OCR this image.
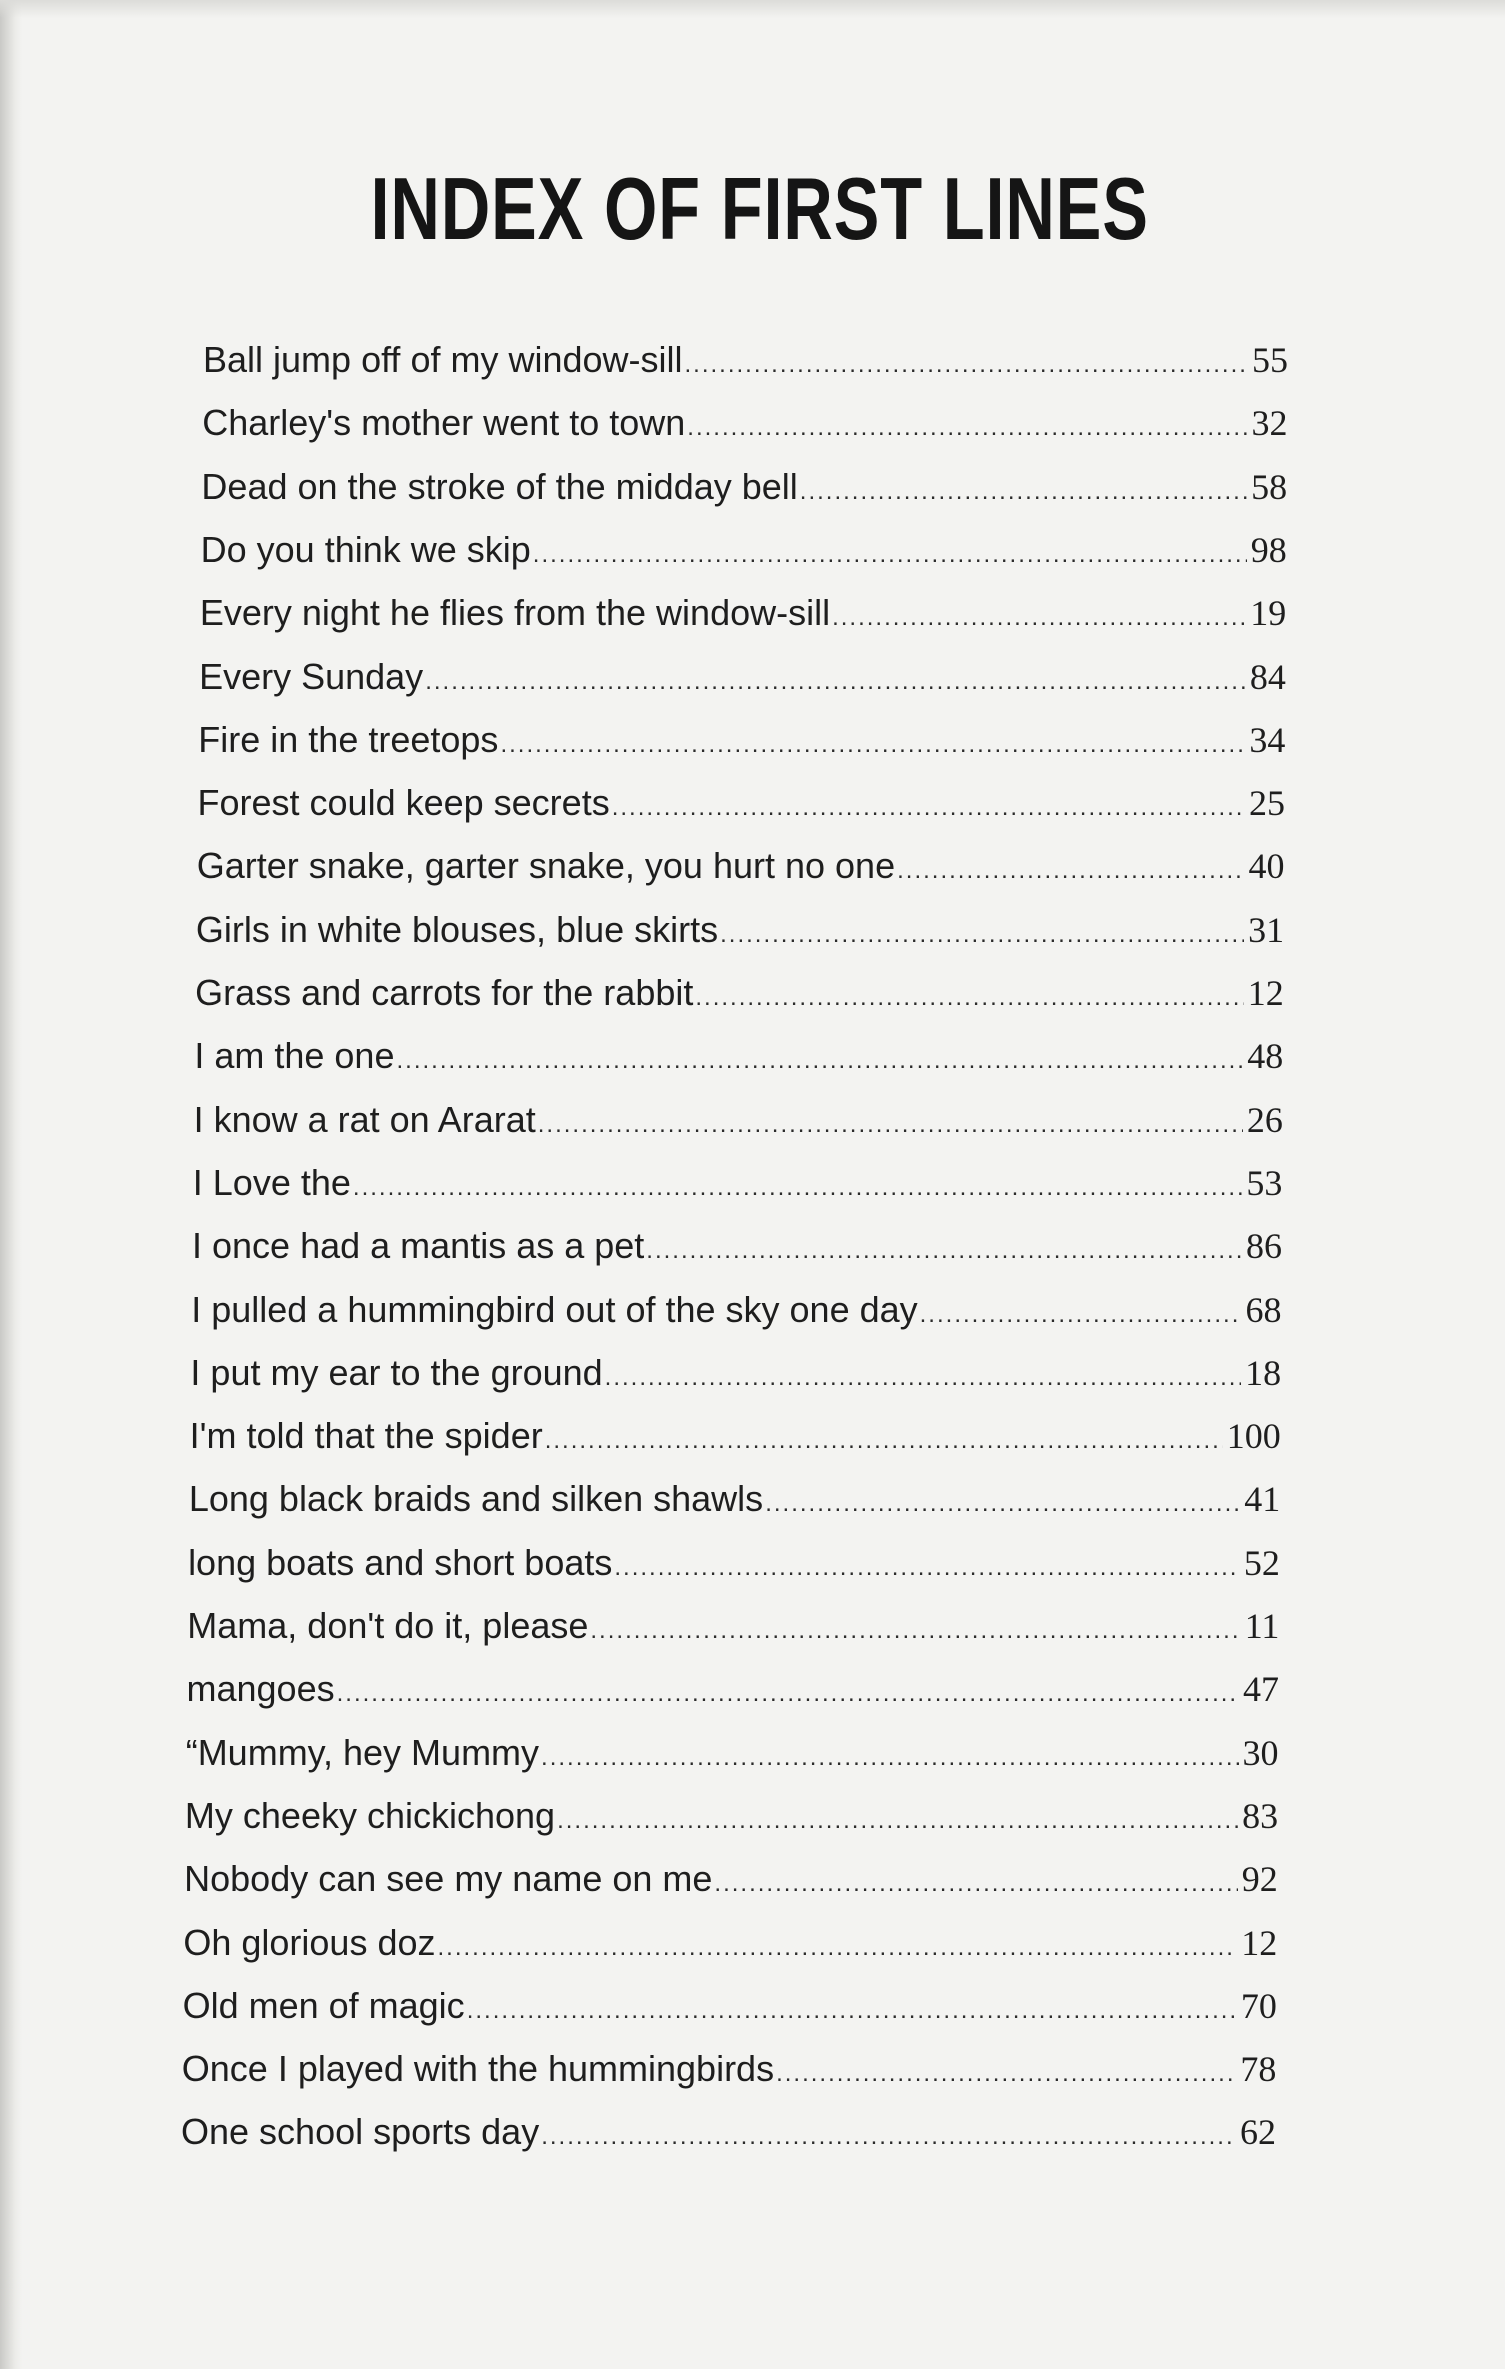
INDEX OF FIRST LINES
Ball jump off of my window-sill .....	55
Charley's mother went to town .....	32
Dead on the stroke of the midday bell .....	58
Do you think we skip .....	98
Every night he flies from the window-sill .....	19
Every Sunday .....	84
Fire in the treetops .....	34
Forest could keep secrets .....	25
Garter snake, garter snake, you hurt no one .....	40
Girls in white blouses, blue skirts .....	31
Grass and carrots for the rabbit .....	12
I am the one .....	48
I know a rat on Ararat .....	26
I Love the .....	53
I once had a mantis as a pet .....	86
I pulled a hummingbird out of the sky one day .....	68
I put my ear to the ground .....	18
I'm told that the spider .....	100
Long black braids and silken shawls .....	41
long boats and short boats .....	52
Mama, don't do it, please .....	11
mangoes .....	47
“Mummy, hey Mummy .....	30
My cheeky chickichong .....	83
Nobody can see my name on me .....	92
Oh glorious doz .....	12
Old men of magic .....	70
Once I played with the hummingbirds .....	78
One school sports day .....	62
